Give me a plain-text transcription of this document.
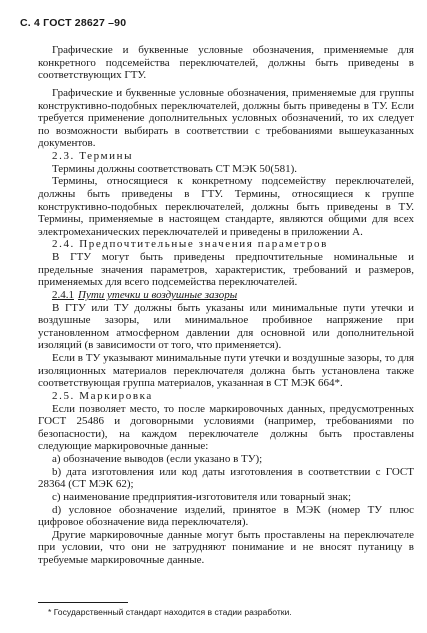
С. 4 ГОСТ 28627 –90

Графические и буквенные условные обозначения, применяемые для конкретного подсемейства переключателей, должны быть приведены в соответствующих ГТУ.

Графические и буквенные условные обозначения, применяемые для группы конструктивно-подобных переключателей, должны быть приведены в ТУ. Если требуется применение дополнительных условных обозначений, то их следует по возможности выбирать в соответствии с требованиями вышеуказанных документов.

2.3. Термины

Термины должны соответствовать СТ МЭК 50(581).

Термины, относящиеся к конкретному подсемейству переключателей, должны быть приведены в ГТУ. Термины, относящиеся к группе конструктивно-подобных переключателей, должны быть приведены в ТУ. Термины, применяемые в настоящем стандарте, являются общими для всех электромеханических переключателей и приведены в приложении А.

2.4. Предпочтительные значения параметров

В ГТУ могут быть приведены предпочтительные номинальные и предельные значения параметров, характеристик, требований и размеров, применяемых для всего подсемейства переключателей.

2.4.1 Пути утечки и воздушные зазоры

В ГТУ или ТУ должны быть указаны или минимальные пути утечки и воздушные зазоры, или минимальное пробивное напряжение при установленном атмосферном давлении для основной или дополнительной изоляций (в зависимости от того, что применяется).

Если в ТУ указывают минимальные пути утечки и воздушные зазоры, то для изоляционных материалов переключателя должна быть установлена также соответствующая группа материалов, указанная в СТ МЭК 664*.

2.5. Маркировка

Если позволяет место, то после маркировочных данных, предусмотренных ГОСТ 25486 и договорными условиями (например, требованиями по безопасности), на каждом переключателе должны быть проставлены следующие маркировочные данные:

а) обозначение выводов (если указано в ТУ);

b) дата изготовления или код даты изготовления в соответствии с ГОСТ 28364 (СТ МЭК 62);

c) наименование предприятия-изготовителя или товарный знак;

d) условное обозначение изделий, принятое в МЭК (номер ТУ плюс цифровое обозначение вида переключателя).

Другие маркировочные данные могут быть проставлены на переключателе при условии, что они не затрудняют понимание и не вносят путаницу в требуемые маркировочные данные.

* Государственный стандарт находится в стадии разработки.
